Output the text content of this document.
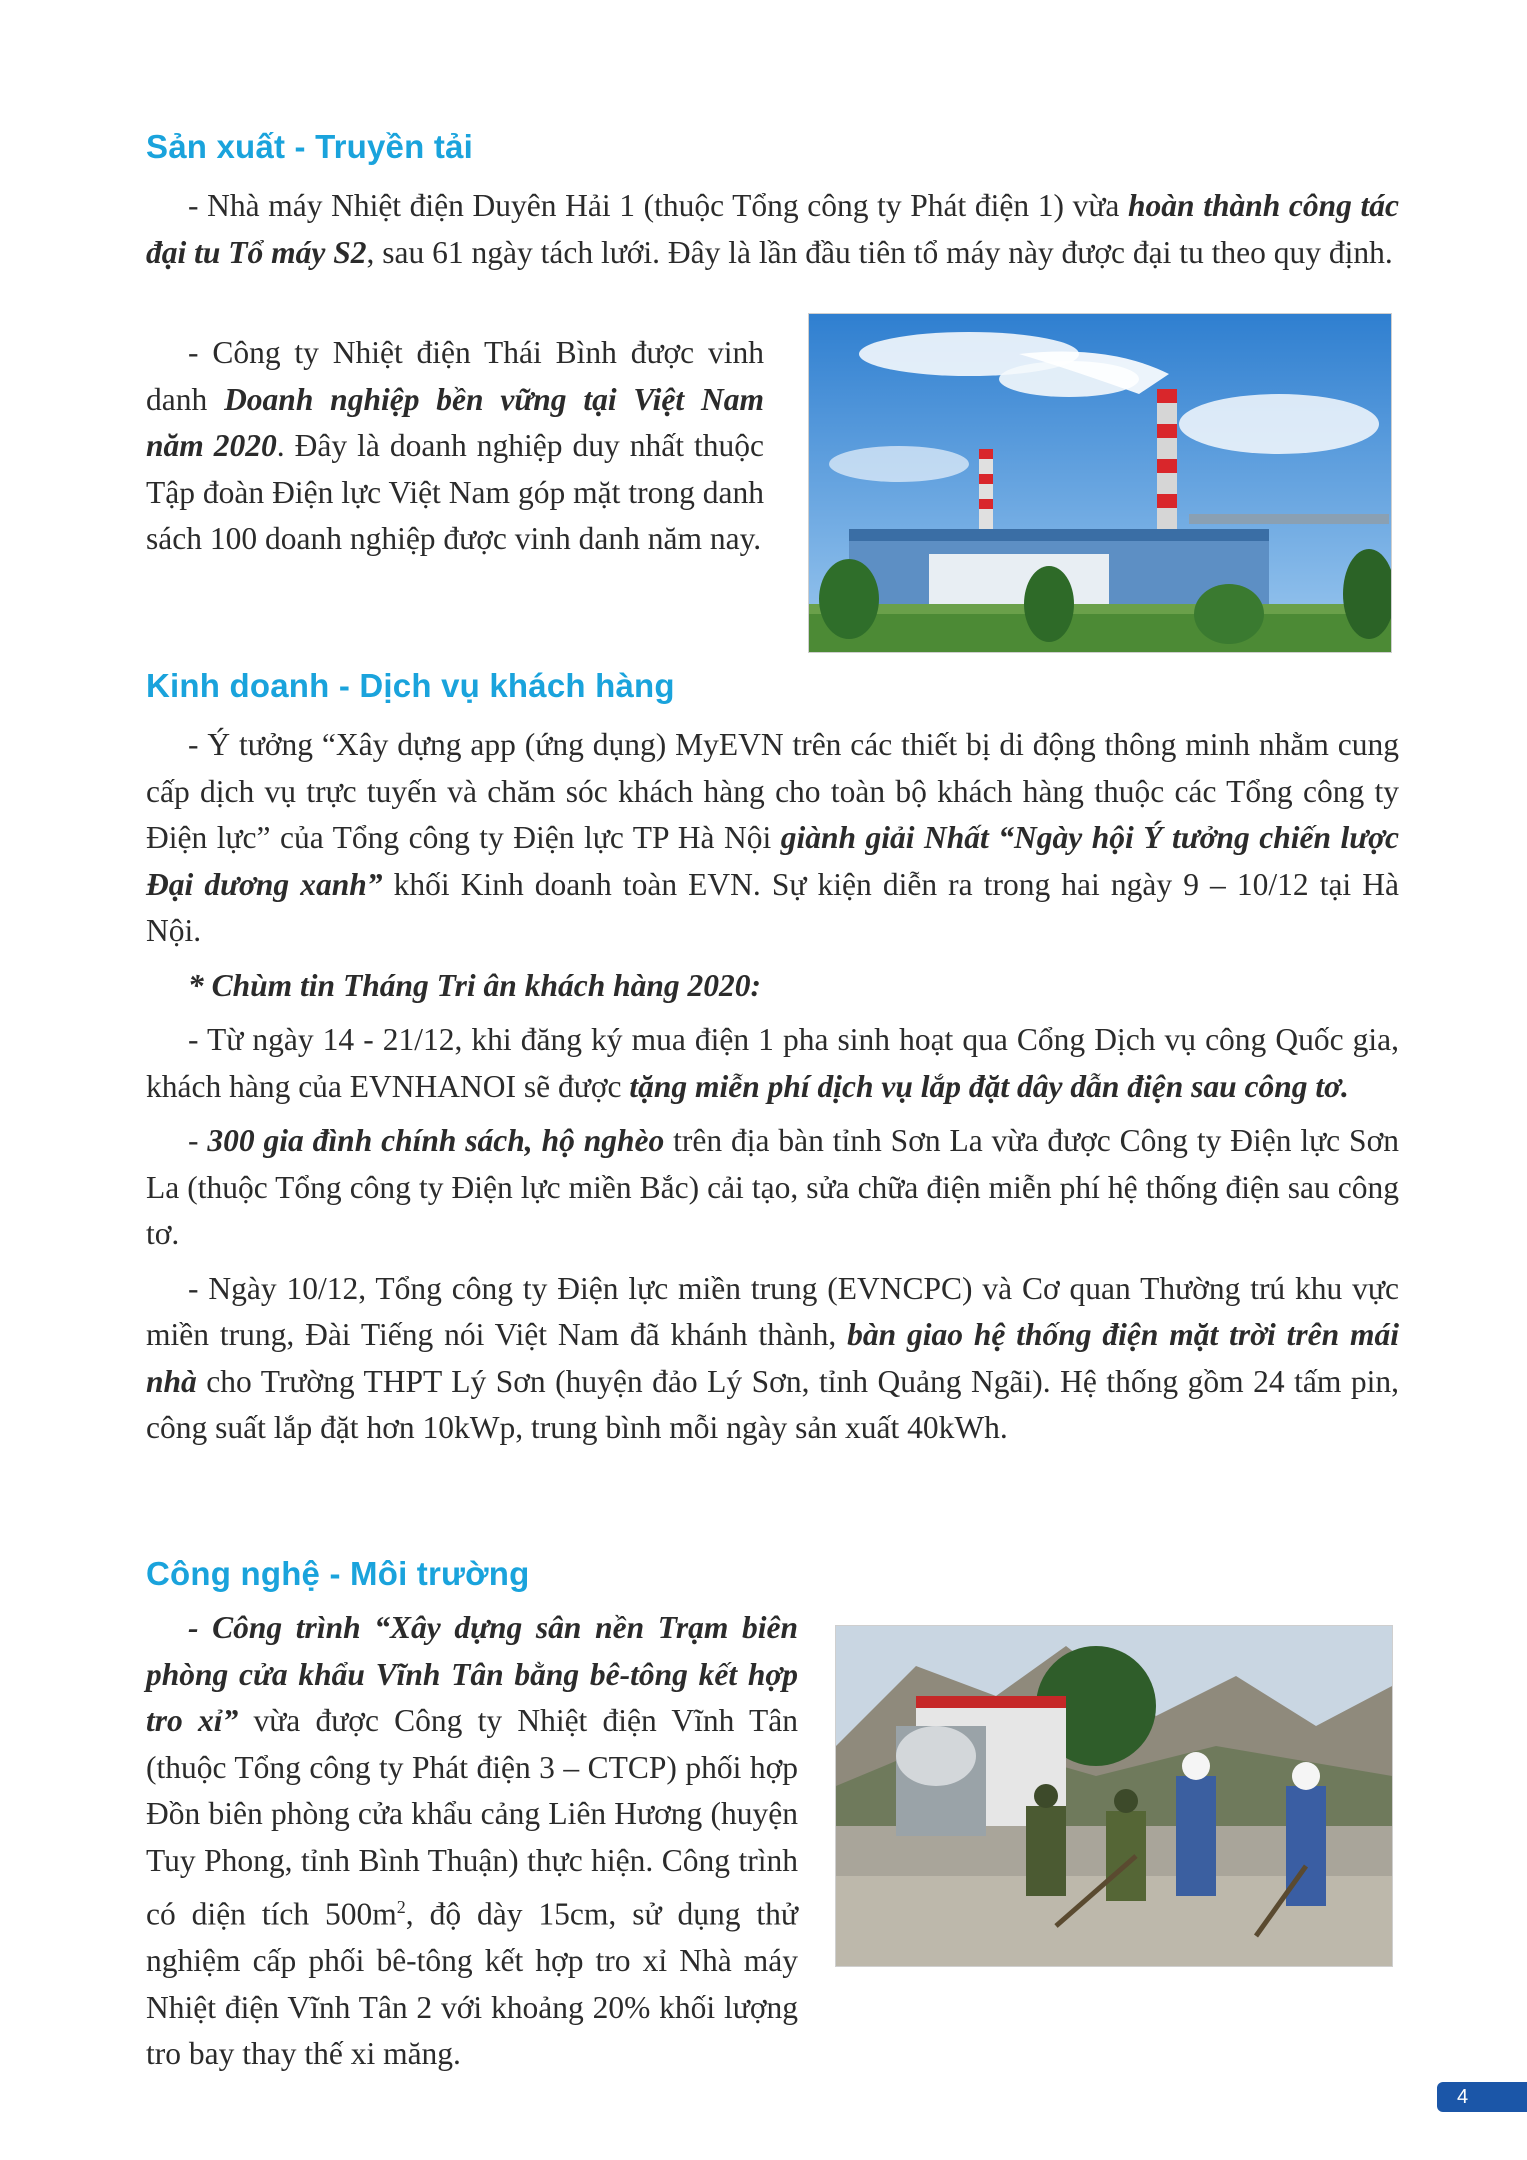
Sản xuất - Truyền tải

- Nhà máy Nhiệt điện Duyên Hải 1 (thuộc Tổng công ty Phát điện 1) vừa hoàn thành công tác đại tu Tổ máy S2, sau 61 ngày tách lưới. Đây là lần đầu tiên tổ máy này được đại tu theo quy định.

- Công ty Nhiệt điện Thái Bình được vinh danh Doanh nghiệp bền vững tại Việt Nam năm 2020. Đây là doanh nghiệp duy nhất thuộc Tập đoàn Điện lực Việt Nam góp mặt trong danh sách 100 doanh nghiệp được vinh danh năm nay.

Kinh doanh - Dịch vụ khách hàng

- Ý tưởng “Xây dựng app (ứng dụng) MyEVN trên các thiết bị di động thông minh nhằm cung cấp dịch vụ trực tuyến và chăm sóc khách hàng cho toàn bộ khách hàng thuộc các Tổng công ty Điện lực” của Tổng công ty Điện lực TP Hà Nội giành giải Nhất “Ngày hội Ý tưởng chiến lược Đại dương xanh” khối Kinh doanh toàn EVN. Sự kiện diễn ra trong hai ngày 9 – 10/12 tại Hà Nội.

* Chùm tin Tháng Tri ân khách hàng 2020:

- Từ ngày 14 - 21/12, khi đăng ký mua điện 1 pha sinh hoạt qua Cổng Dịch vụ công Quốc gia, khách hàng của EVNHANOI sẽ được tặng miễn phí dịch vụ lắp đặt dây dẫn điện sau công tơ.

- 300 gia đình chính sách, hộ nghèo trên địa bàn tỉnh Sơn La vừa được Công ty Điện lực Sơn La (thuộc Tổng công ty Điện lực miền Bắc) cải tạo, sửa chữa điện miễn phí hệ thống điện sau công tơ.

- Ngày 10/12, Tổng công ty Điện lực miền trung (EVNCPC) và Cơ quan Thường trú khu vực miền trung, Đài Tiếng nói Việt Nam đã khánh thành, bàn giao hệ thống điện mặt trời trên mái nhà cho Trường THPT Lý Sơn (huyện đảo Lý Sơn, tỉnh Quảng Ngãi). Hệ thống gồm 24 tấm pin, công suất lắp đặt hơn 10kWp, trung bình mỗi ngày sản xuất 40kWh.

Công nghệ - Môi trường

- Công trình “Xây dựng sân nền Trạm biên phòng cửa khẩu Vĩnh Tân bằng bê-tông kết hợp tro xỉ” vừa được Công ty Nhiệt điện Vĩnh Tân (thuộc Tổng công ty Phát điện 3 – CTCP) phối hợp Đồn biên phòng cửa khẩu cảng Liên Hương (huyện Tuy Phong, tỉnh Bình Thuận) thực hiện. Công trình có diện tích $500m^2$, độ dày 15cm, sử dụng thử nghiệm cấp phối bê-tông kết hợp tro xỉ Nhà máy Nhiệt điện Vĩnh Tân 2 với khoảng 20% khối lượng tro bay thay thế xi măng.

4
